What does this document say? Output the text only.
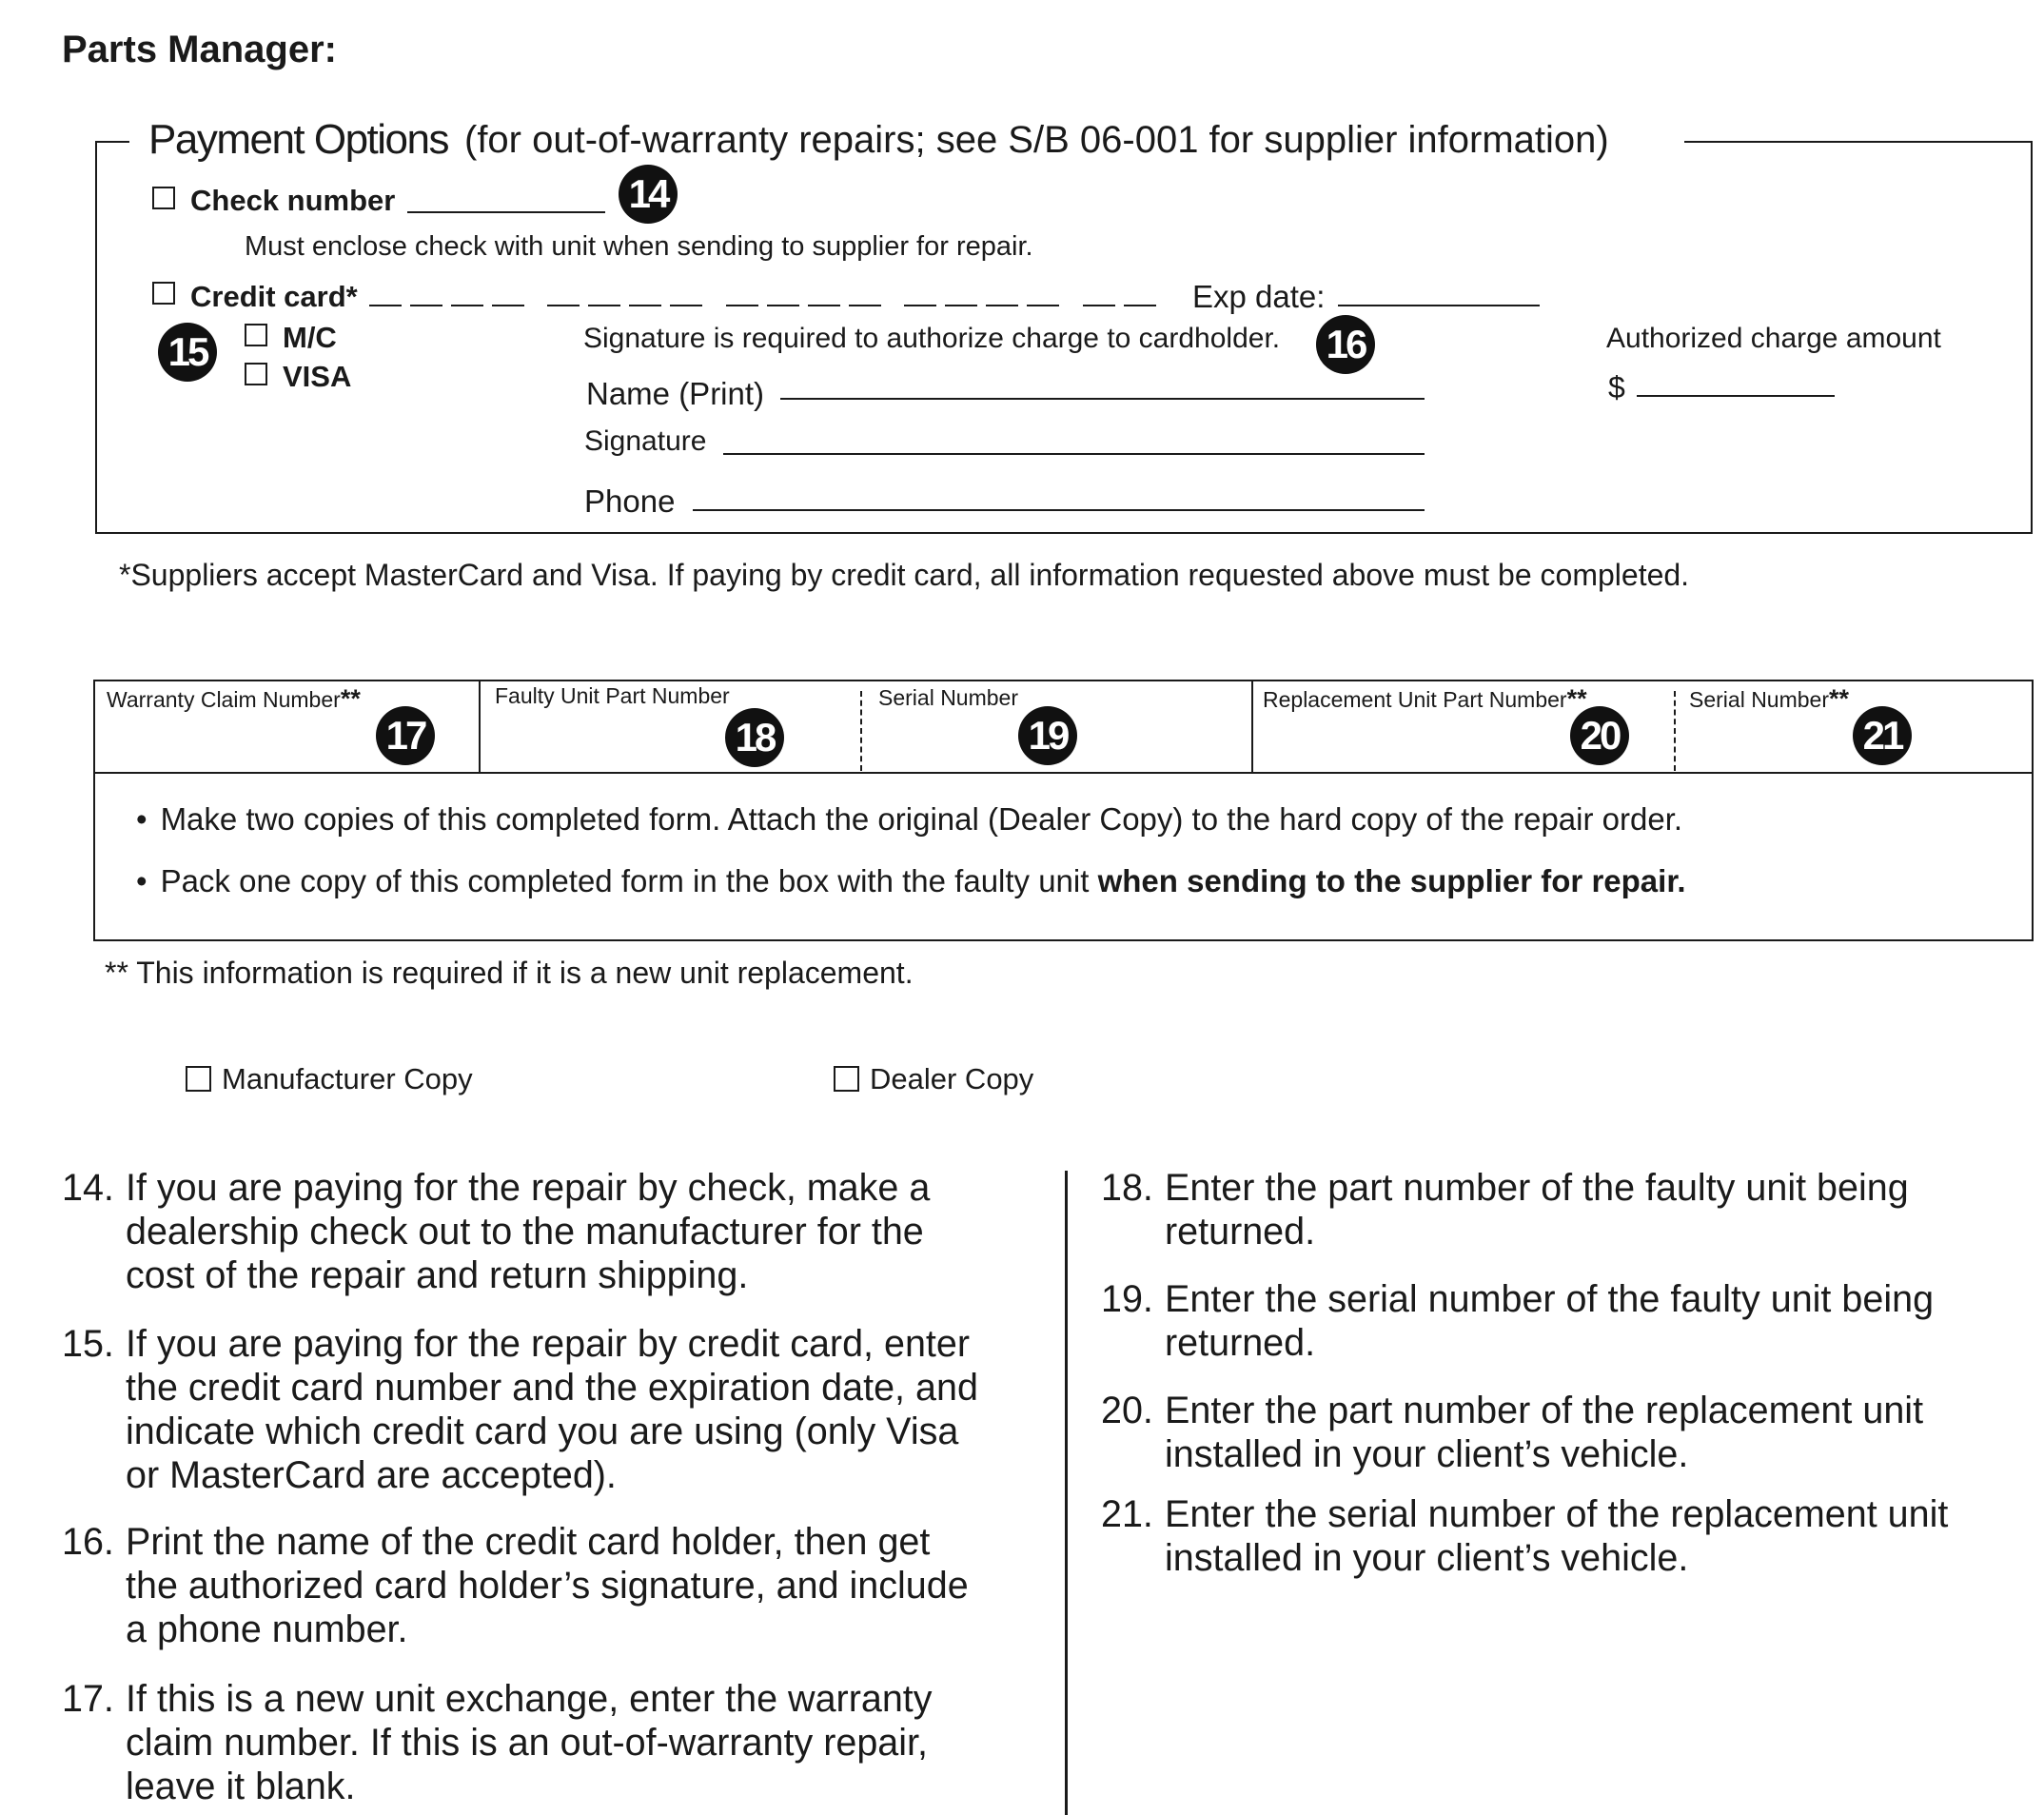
Parts Manager:
Payment Options (for out-of-warranty repairs; see S/B 06-001 for supplier information)
Check number	14
Must enclose check with unit when sending to supplier for repair.
Credit card*	Exp date:
15	M/C
VISA
Signature is required to authorize charge to cardholder. 16
Name (Print)
Signature
Phone
Authorized charge amount
$
*Suppliers accept MasterCard and Visa. If paying by credit card, all information requested above must be completed.
Warranty Claim Number**
17
Faulty Unit Part Number
18
Serial Number
19
Replacement Unit Part Number**
20
Serial Number**
21
• Make two copies of this completed form. Attach the original (Dealer Copy) to the hard copy of the repair order.
• Pack one copy of this completed form in the box with the faulty unit when sending to the supplier for repair.
** This information is required if it is a new unit replacement.
Manufacturer Copy	Dealer Copy
14. If you are paying for the repair by check, make a
dealership check out to the manufacturer for the
cost of the repair and return shipping.
15. If you are paying for the repair by credit card, enter
the credit card number and the expiration date, and
indicate which credit card you are using (only Visa
or MasterCard are accepted).
16. Print the name of the credit card holder, then get
the authorized card holder’s signature, and include
a phone number.
17. If this is a new unit exchange, enter the warranty
claim number. If this is an out-of-warranty repair,
leave it blank.
18. Enter the part number of the faulty unit being
returned.
19. Enter the serial number of the faulty unit being
returned.
20. Enter the part number of the replacement unit
installed in your client’s vehicle.
21. Enter the serial number of the replacement unit
installed in your client’s vehicle.
